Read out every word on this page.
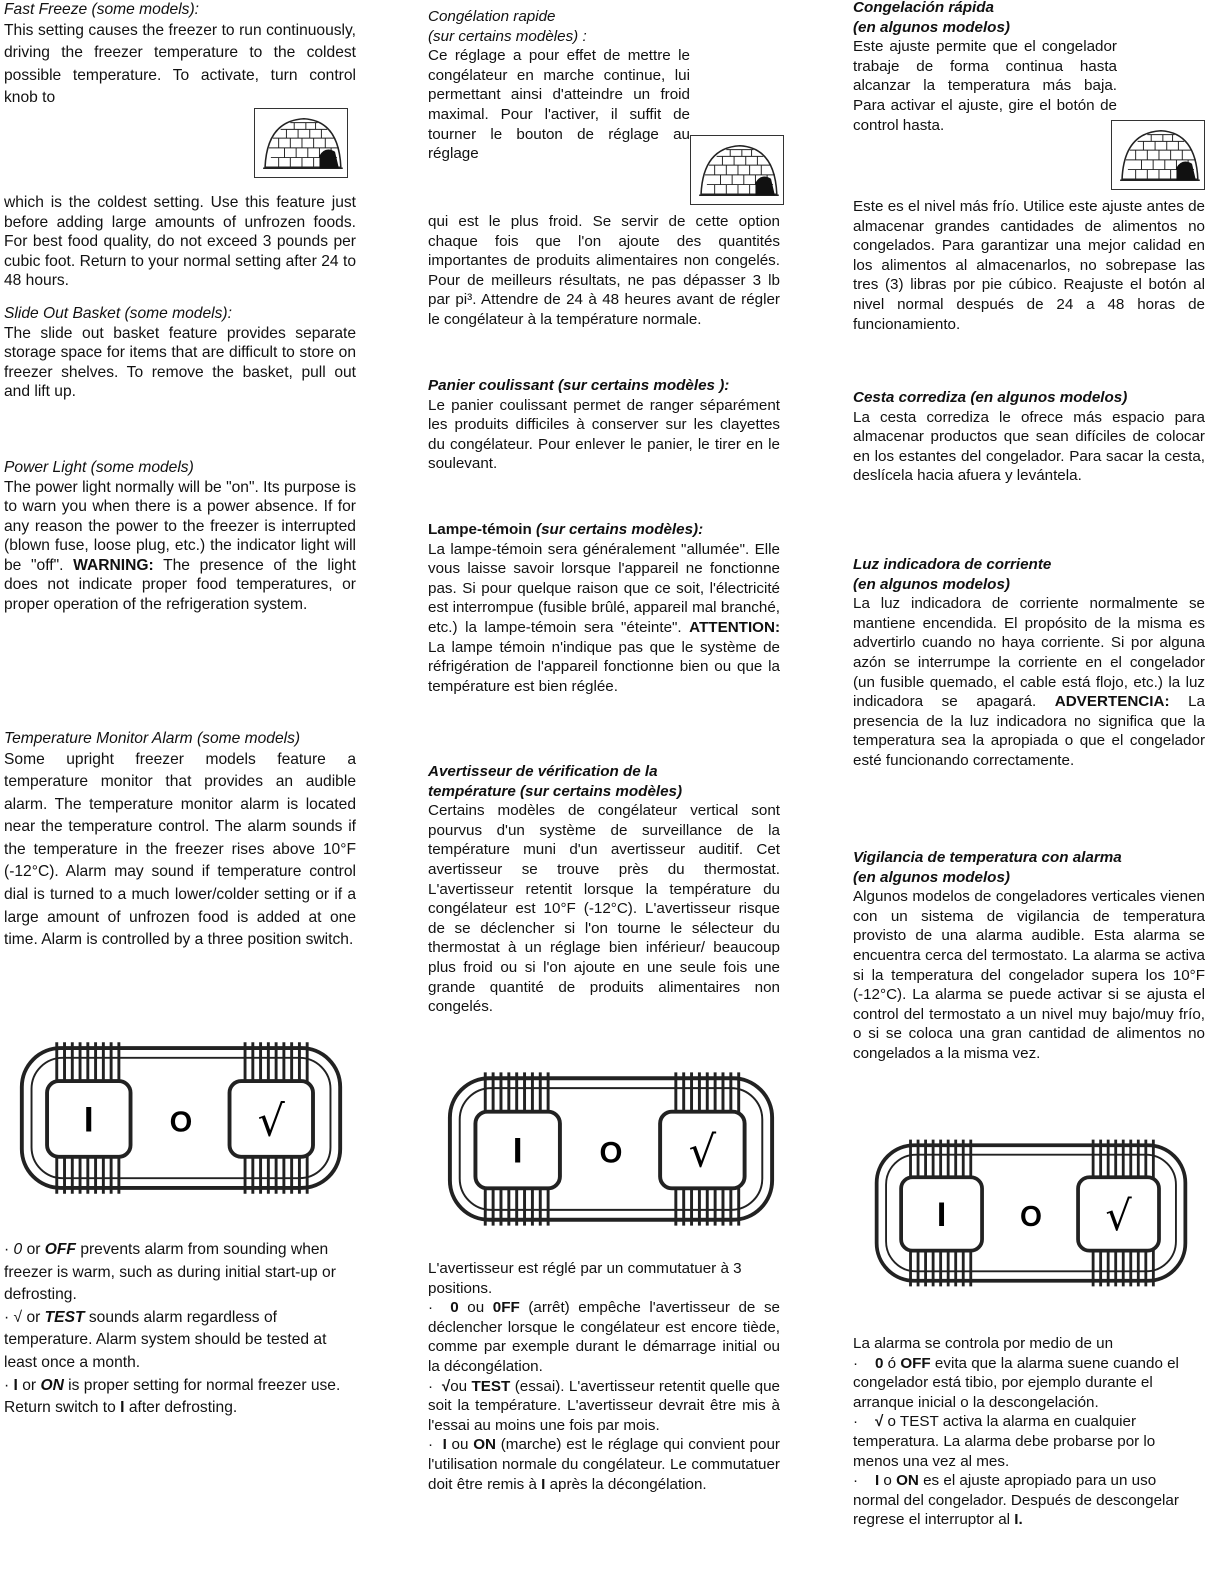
Fast Freeze (some models):

This setting causes the freezer to run continuously, driving the freezer temperature to the coldest possible temperature. To activate, turn control knob to

which is the coldest setting. Use this feature just before adding large amounts of unfrozen foods. For best food quality, do not exceed 3 pounds per cubic foot. Return to your normal setting after 24 to 48 hours.

Slide Out Basket (some models):

The slide out basket feature provides separate storage space for items that are difficult to store on freezer shelves. To remove the basket, pull out and lift up.

Power Light (some models)

The power light normally will be "on". Its purpose is to warn you when there is a power absence. If for any reason the power to the freezer is interrupted (blown fuse, loose plug, etc.) the indicator light will be "off". WARNING: The presence of the light does not indicate proper food temperatures, or proper operation of the refrigeration system.

Temperature Monitor Alarm (some models)

Some upright freezer models feature a temperature monitor that provides an audible alarm. The temperature monitor alarm is located near the temperature control. The alarm sounds if the temperature in the freezer rises above 10°F (-12°C). Alarm may sound if temperature control dial is turned to a much lower/colder setting or if a large amount of unfrozen food is added at one time. Alarm is controlled by a three position switch.

I	O √

· 0 or OFF prevents alarm from sounding when freezer is warm, such as during initial start-up or defrosting.

· √ or TEST sounds alarm regardless of temperature. Alarm system should be tested at least once a month.

· I or ON is proper setting for normal freezer use. Return switch to I after defrosting.

Congélation rapide

(sur certains modèles) :

Ce réglage a pour effet de mettre le congélateur en marche continue, lui permettant ainsi d'atteindre un froid maximal. Pour l'activer, il suffit de tourner le bouton de réglage au réglage

qui est le plus froid. Se servir de cette option chaque fois que l'on ajoute des quantités importantes de produits alimentaires non congelés. Pour de meilleurs résultats, ne pas dépasser 3 lb par pi³. Attendre de 24 à 48 heures avant de régler le congélateur à la température normale.

Panier coulissant (sur certains modèles ):

Le panier coulissant permet de ranger séparément les produits difficiles à conserver sur les clayettes du congélateur. Pour enlever le panier, le tirer en le soulevant.

Lampe-témoin (sur certains modèles):

La lampe-témoin sera généralement "allumée". Elle vous laisse savoir lorsque l'appareil ne fonctionne pas. Si pour quelque raison que ce soit, l'électricité est interrompue (fusible brûlé, appareil mal branché, etc.) la lampe-témoin sera "éteinte". ATTENTION: La lampe témoin n'indique pas que le système de réfrigération de l'appareil fonctionne bien ou que la température est bien réglée.

Avertisseur de vérification de la

température (sur certains modèles)

Certains modèles de congélateur vertical sont pourvus d'un système de surveillance de la température muni d'un avertisseur auditif. Cet avertisseur se trouve près du thermostat. L'avertisseur retentit lorsque la température du congélateur est 10°F (-12°C). L'avertisseur risque de se déclencher si l'on tourne le sélecteur du thermostat à un réglage bien inférieur/ beaucoup plus froid ou si l'on ajoute en une seule fois une grande quantité de produits alimentaires non congelés.

I	O √

L'avertisseur est réglé par un commutatuer à 3 positions.

·  0 ou 0FF (arrêt) empêche l'avertisseur de se déclencher lorsque le congélateur est encore tiède, comme par exemple durant le démarrage initial ou la décongélation.

·  √ou TEST (essai). L'avertisseur retentit quelle que soit la température. L'avertisseur devrait être mis à l'essai au moins une fois par mois.

·  I ou ON (marche) est le réglage qui convient pour l'utilisation normale du congélateur. Le commutatuer doit être remis à I après la décongélation.

Congelación rápida

(en algunos modelos)

Este ajuste permite que el congelador trabaje de forma continua hasta alcanzar la temperatura más baja. Para activar el ajuste, gire el botón de control hasta.

Este es el nivel más frío. Utilice este ajuste antes de almacenar grandes cantidades de alimentos no congelados. Para garantizar una mejor calidad en los alimentos al almacenarlos, no sobrepase las tres (3) libras por pie cúbico. Reajuste el botón al nivel normal después de 24 a 48 horas de funcionamiento.

Cesta corrediza (en algunos modelos)

La cesta corrediza le ofrece más espacio para almacenar productos que sean difíciles de colocar en los estantes del congelador. Para sacar la cesta, deslícela hacia afuera y levántela.

Luz indicadora de corriente

(en algunos modelos)

La luz indicadora de corriente normalmente se mantiene encendida. El propósito de la misma es advertirlo cuando no haya corriente. Si por alguna azón se interrumpe la corriente en el congelador (un fusible quemado, el cable está flojo, etc.) la luz indicadora se apagará. ADVERTENCIA: La presencia de la luz indicadora no significa que la temperatura sea la apropiada o que el congelador esté funcionando correctamente.

Vigilancia de temperatura con alarma

(en algunos modelos)

Algunos modelos de congeladores verticales vienen con un sistema de vigilancia de temperatura provisto de una alarma audible. Esta alarma se encuentra cerca del termostato. La alarma se activa si la temperatura del congelador supera los 10°F (-12°C). La alarma se puede activar si se ajusta el control del termostato a un nivel muy bajo/muy frío, o si se coloca una gran cantidad de alimentos no congelados a la misma vez.

I O √

La alarma se controla por medio de un

·    0 ó OFF evita que la alarma suene cuando el congelador está tibio, por ejemplo durante el arranque inicial o la descongelación.

·    √ o TEST activa la alarma en cualquier temperatura. La alarma debe probarse por lo menos una vez al mes.

·    I o ON es el ajuste apropiado para un uso normal del congelador. Después de descongelar regrese el interruptor al I.
